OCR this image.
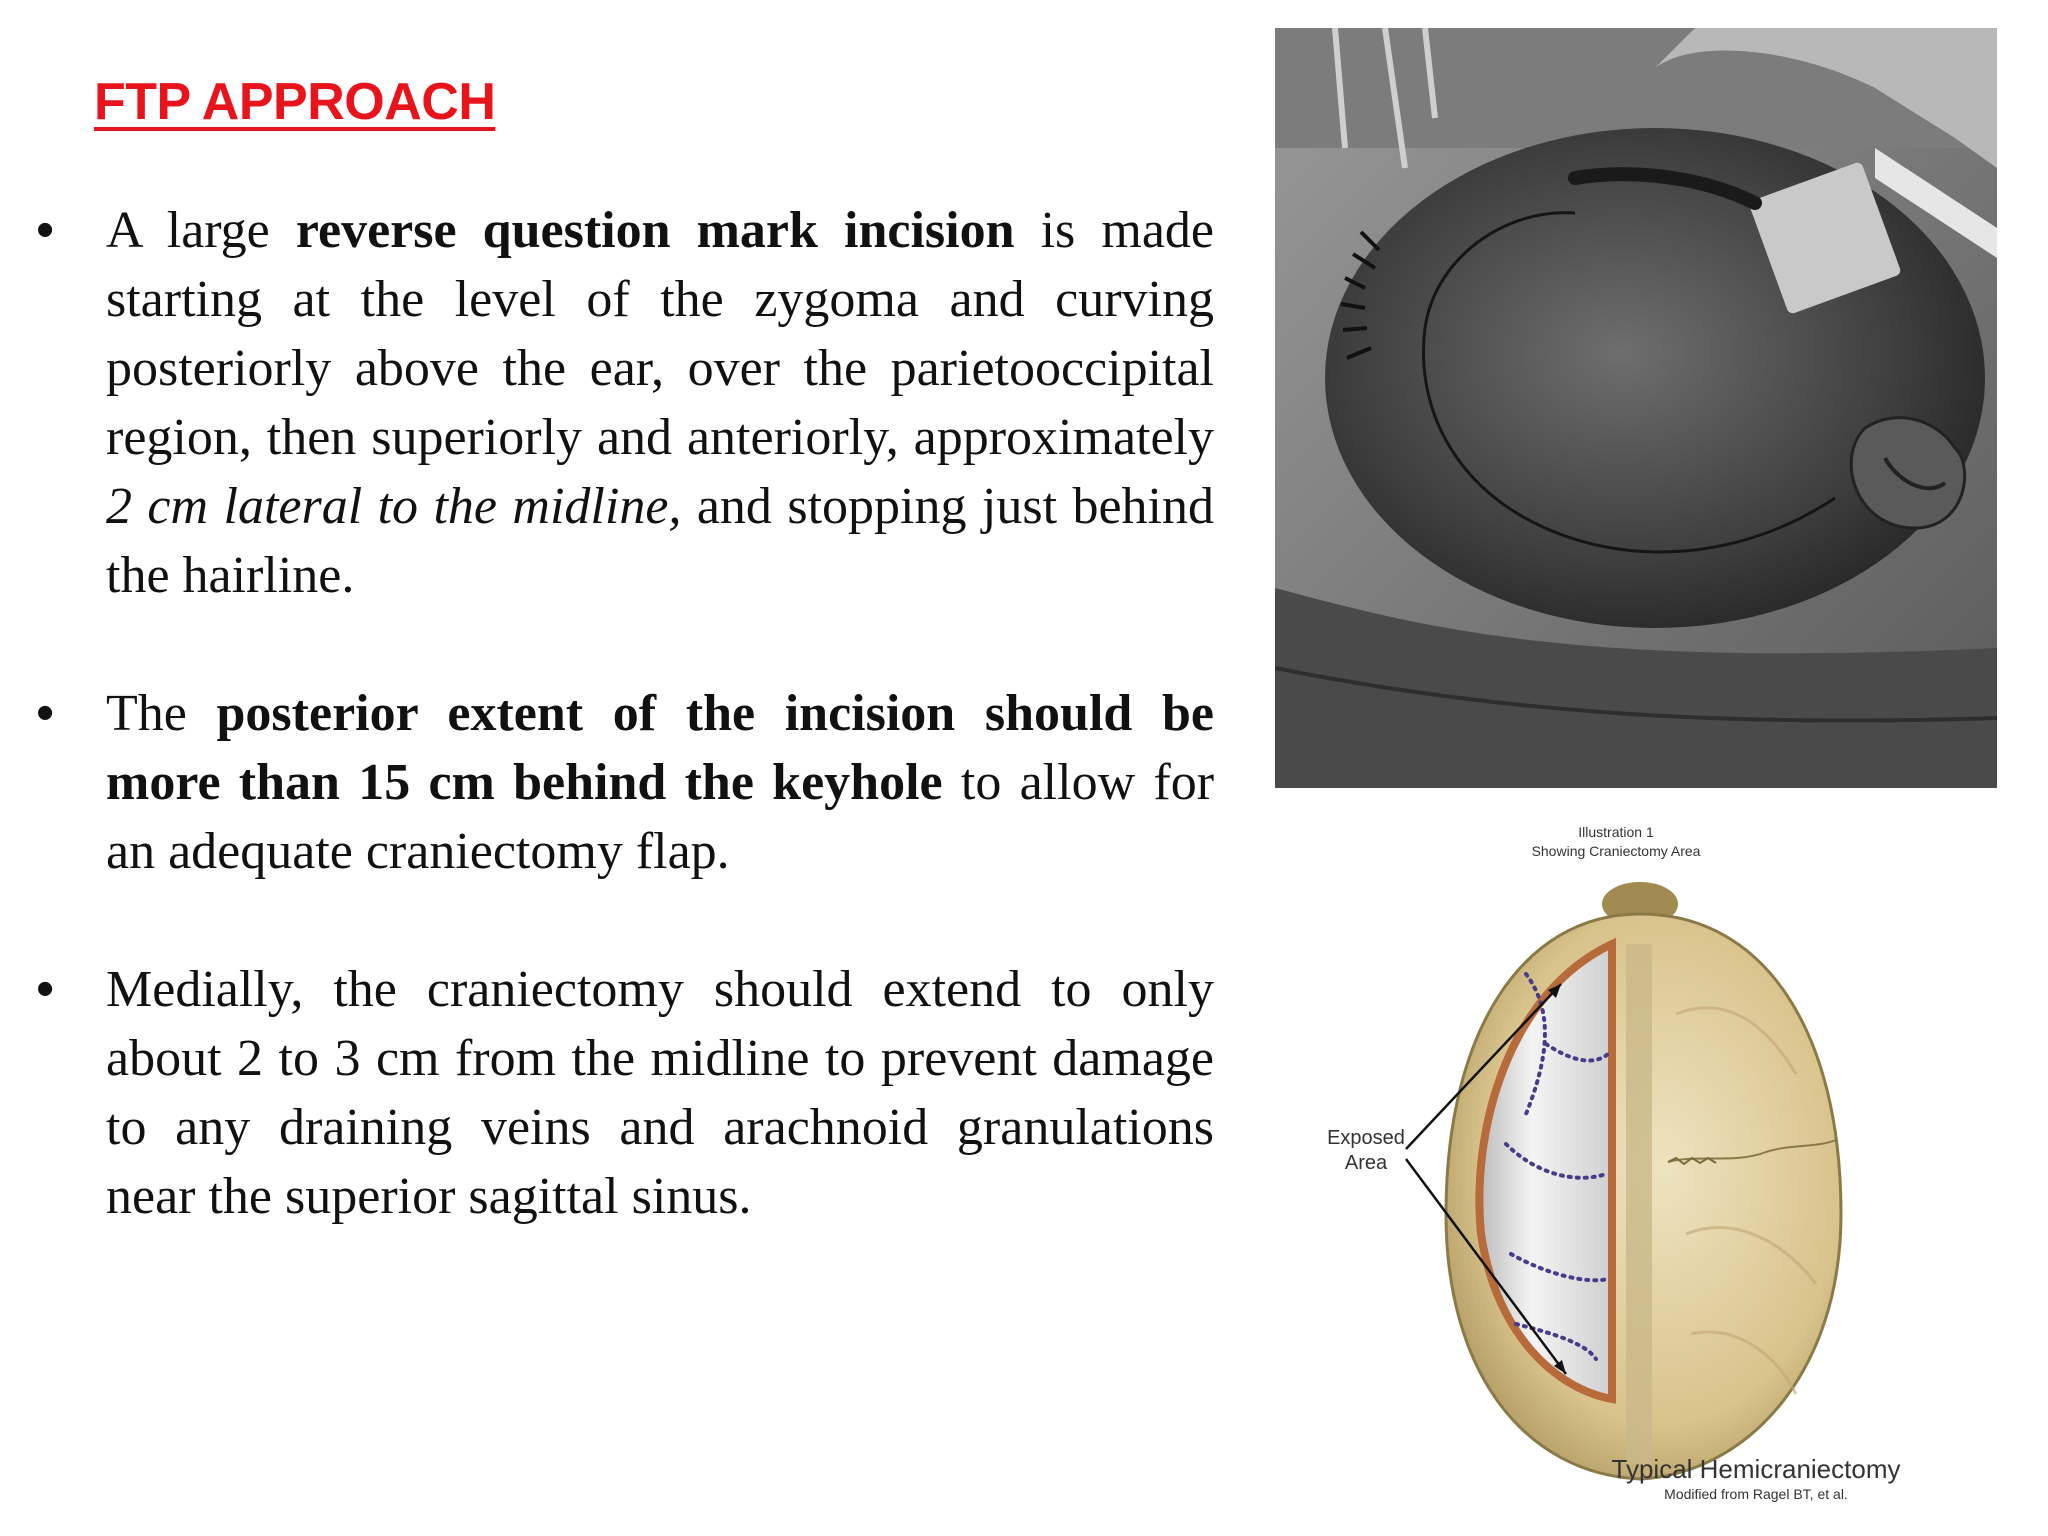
FTP APPROACH
• A large reverse question mark incision is made starting at the level of the zygoma and curving posteriorly above the ear, over the parietooccipital region, then superiorly and anteriorly, approximately 2 cm lateral to the midline, and stopping just behind the hairline.
• The posterior extent of the incision should be more than 15 cm behind the keyhole to allow for an adequate craniectomy flap.
• Medially, the craniectomy should extend to only about 2 to 3 cm from the midline to prevent damage to any draining veins and arachnoid granulations near the superior sagittal sinus.
Illustration 1
Showing Craniectomy Area
Exposed
Area
Typical Hemicraniectomy
Modified from Ragel BT, et al.
